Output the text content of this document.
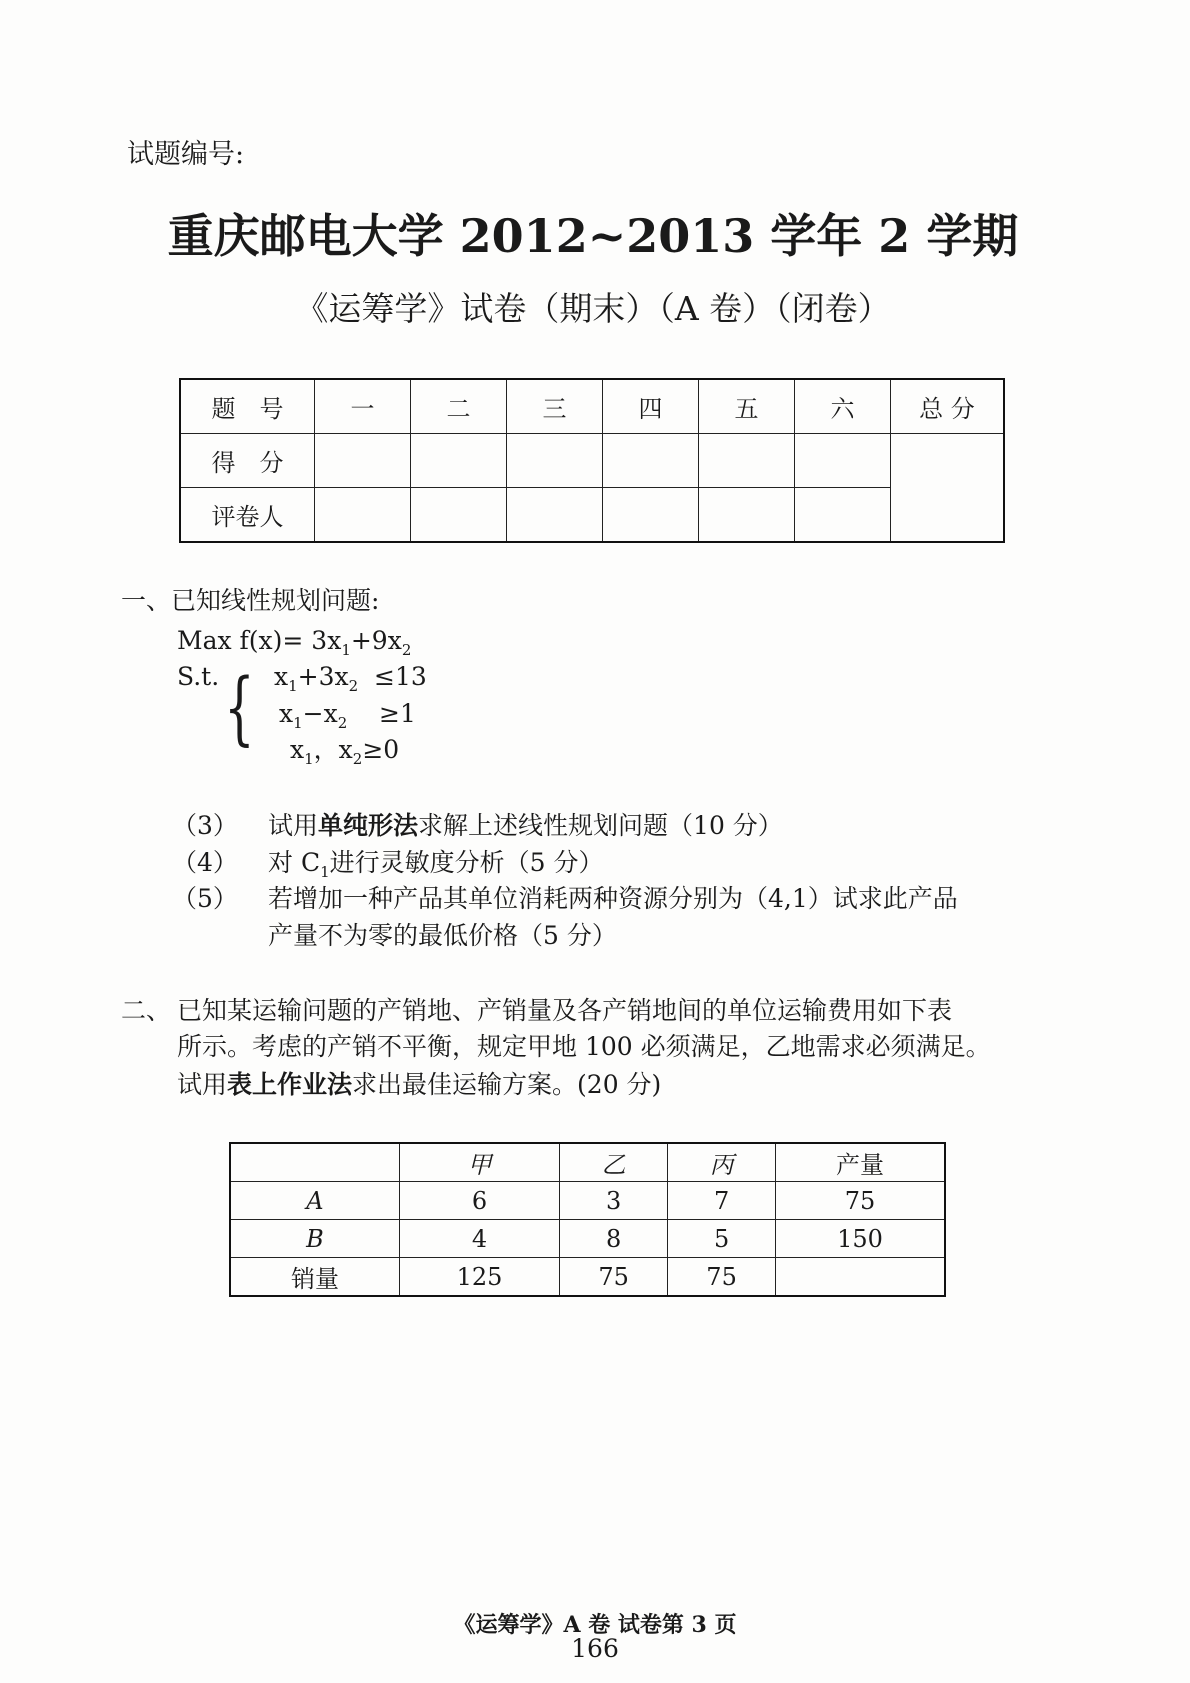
试题编号:
重庆邮电大学 2012~2013 学年 2 学期
《运筹学》试卷（期末）（A 卷）（闭卷）
题　号	一	二	三	四	五	六	总 分
得　分							
评卷人							
一、已知线性规划问题:
Max $f(x)= 3x_1+9x_2$
S.t. { $x_1+3x_2 \le 13$
$x_1-x_2$    ≥1
$x_1$，$x_2\ge 0$
（3） 试用单纯形法求解上述线性规划问题（10 分）
（4） 对 $C_1$进行灵敏度分析（5 分）
（5） 若增加一种产品其单位消耗两种资源分别为（4,1）试求此产品
产量不为零的最低价格（5 分）
二、 已知某运输问题的产销地、产销量及各产销地间的单位运输费用如下表
所示。考虑的产销不平衡，规定甲地 100 必须满足，乙地需求必须满足。
试用表上作业法求出最佳运输方案。(20 分)
	甲	乙	丙	产量
A	6	3	7	75
B	4	8	5	150
销量	125	75	75	
《运筹学》A 卷 试卷第 3 页
166
